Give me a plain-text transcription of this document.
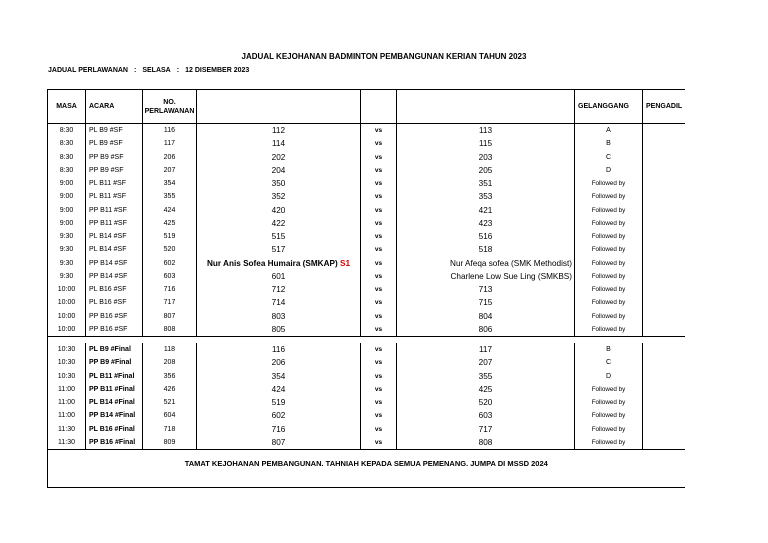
JADUAL KEJOHANAN BADMINTON PEMBANGUNAN KERIAN TAHUN 2023
JADUAL PERLAWANAN : SELASA : 12 DISEMBER 2023
MASA	ACARA	NO.
PERLAWANAN				GELANGGANG	PENGADIL
8:30	PL B9 #SF	116	112	vs	113	A	
8:30	PL B9 #SF	117	114	vs	115	B	
8:30	PP B9 #SF	206	202	vs	203	C	
8:30	PP B9 #SF	207	204	vs	205	D	
9:00	PL B11 #SF	354	350	vs	351	Followed by	
9:00	PL B11 #SF	355	352	vs	353	Followed by	
9:00	PP B11 #SF	424	420	vs	421	Followed by	
9:00	PP B11 #SF	425	422	vs	423	Followed by	
9:30	PL B14 #SF	519	515	vs	516	Followed by	
9:30	PL B14 #SF	520	517	vs	518	Followed by	
9:30	PP B14 #SF	602	Nur Anis Sofea Humaira (SMKAP) S1	vs	Nur Afeqa sofea (SMK Methodist)	Followed by	
9:30	PP B14 #SF	603	601	vs	Charlene Low Sue Ling (SMKBS)	Followed by	
10:00	PL B16 #SF	716	712	vs	713	Followed by	
10:00	PL B16 #SF	717	714	vs	715	Followed by	
10:00	PP B16 #SF	807	803	vs	804	Followed by	
10:00	PP B16 #SF	808	805	vs	806	Followed by	

10:30	PL B9 #Final	118	116	vs	117	B	
10:30	PP B9 #Final	208	206	vs	207	C	
10:30	PL B11 #Final	356	354	vs	355	D	
11:00	PP B11 #Final	426	424	vs	425	Followed by	
11:00	PL B14 #Final	521	519	vs	520	Followed by	
11:00	PP B14 #Final	604	602	vs	603	Followed by	
11:30	PL B16 #Final	718	716	vs	717	Followed by	
11:30	PP B16 #Final	809	807	vs	808	Followed by	
TAMAT KEJOHANAN PEMBANGUNAN. TAHNIAH KEPADA SEMUA PEMENANG. JUMPA DI MSSD 2024							
